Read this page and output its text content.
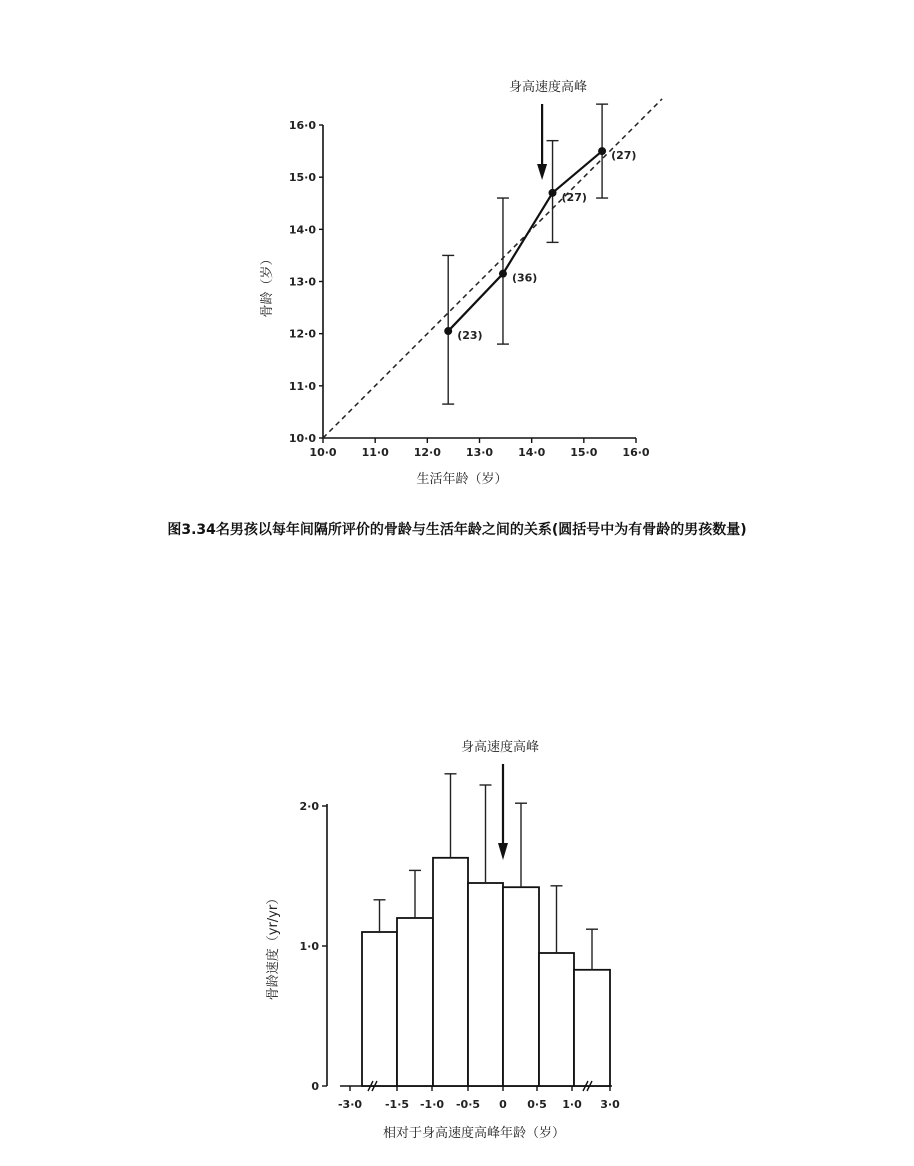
身高速度高峰
生活年龄（岁）
骨龄（岁）
10·0 11·0 12·0 13·0 14·0 15·0 16·0
10·0
11·0
12·0
13·0
14·0
15·0
16·0
(23)
(36)
(27)
(27)
图3.34名男孩以每年间隔所评价的骨龄与生活年龄之间的关系(圆括号中为有骨龄的男孩数量)
身高速度高峰
相对于身高速度高峰年龄（岁）
骨龄速度（yr/yr）
0
1·0
2·0
-3·0 -1·5 -1·0 -0·5 0 0·5 1·0 3·0
